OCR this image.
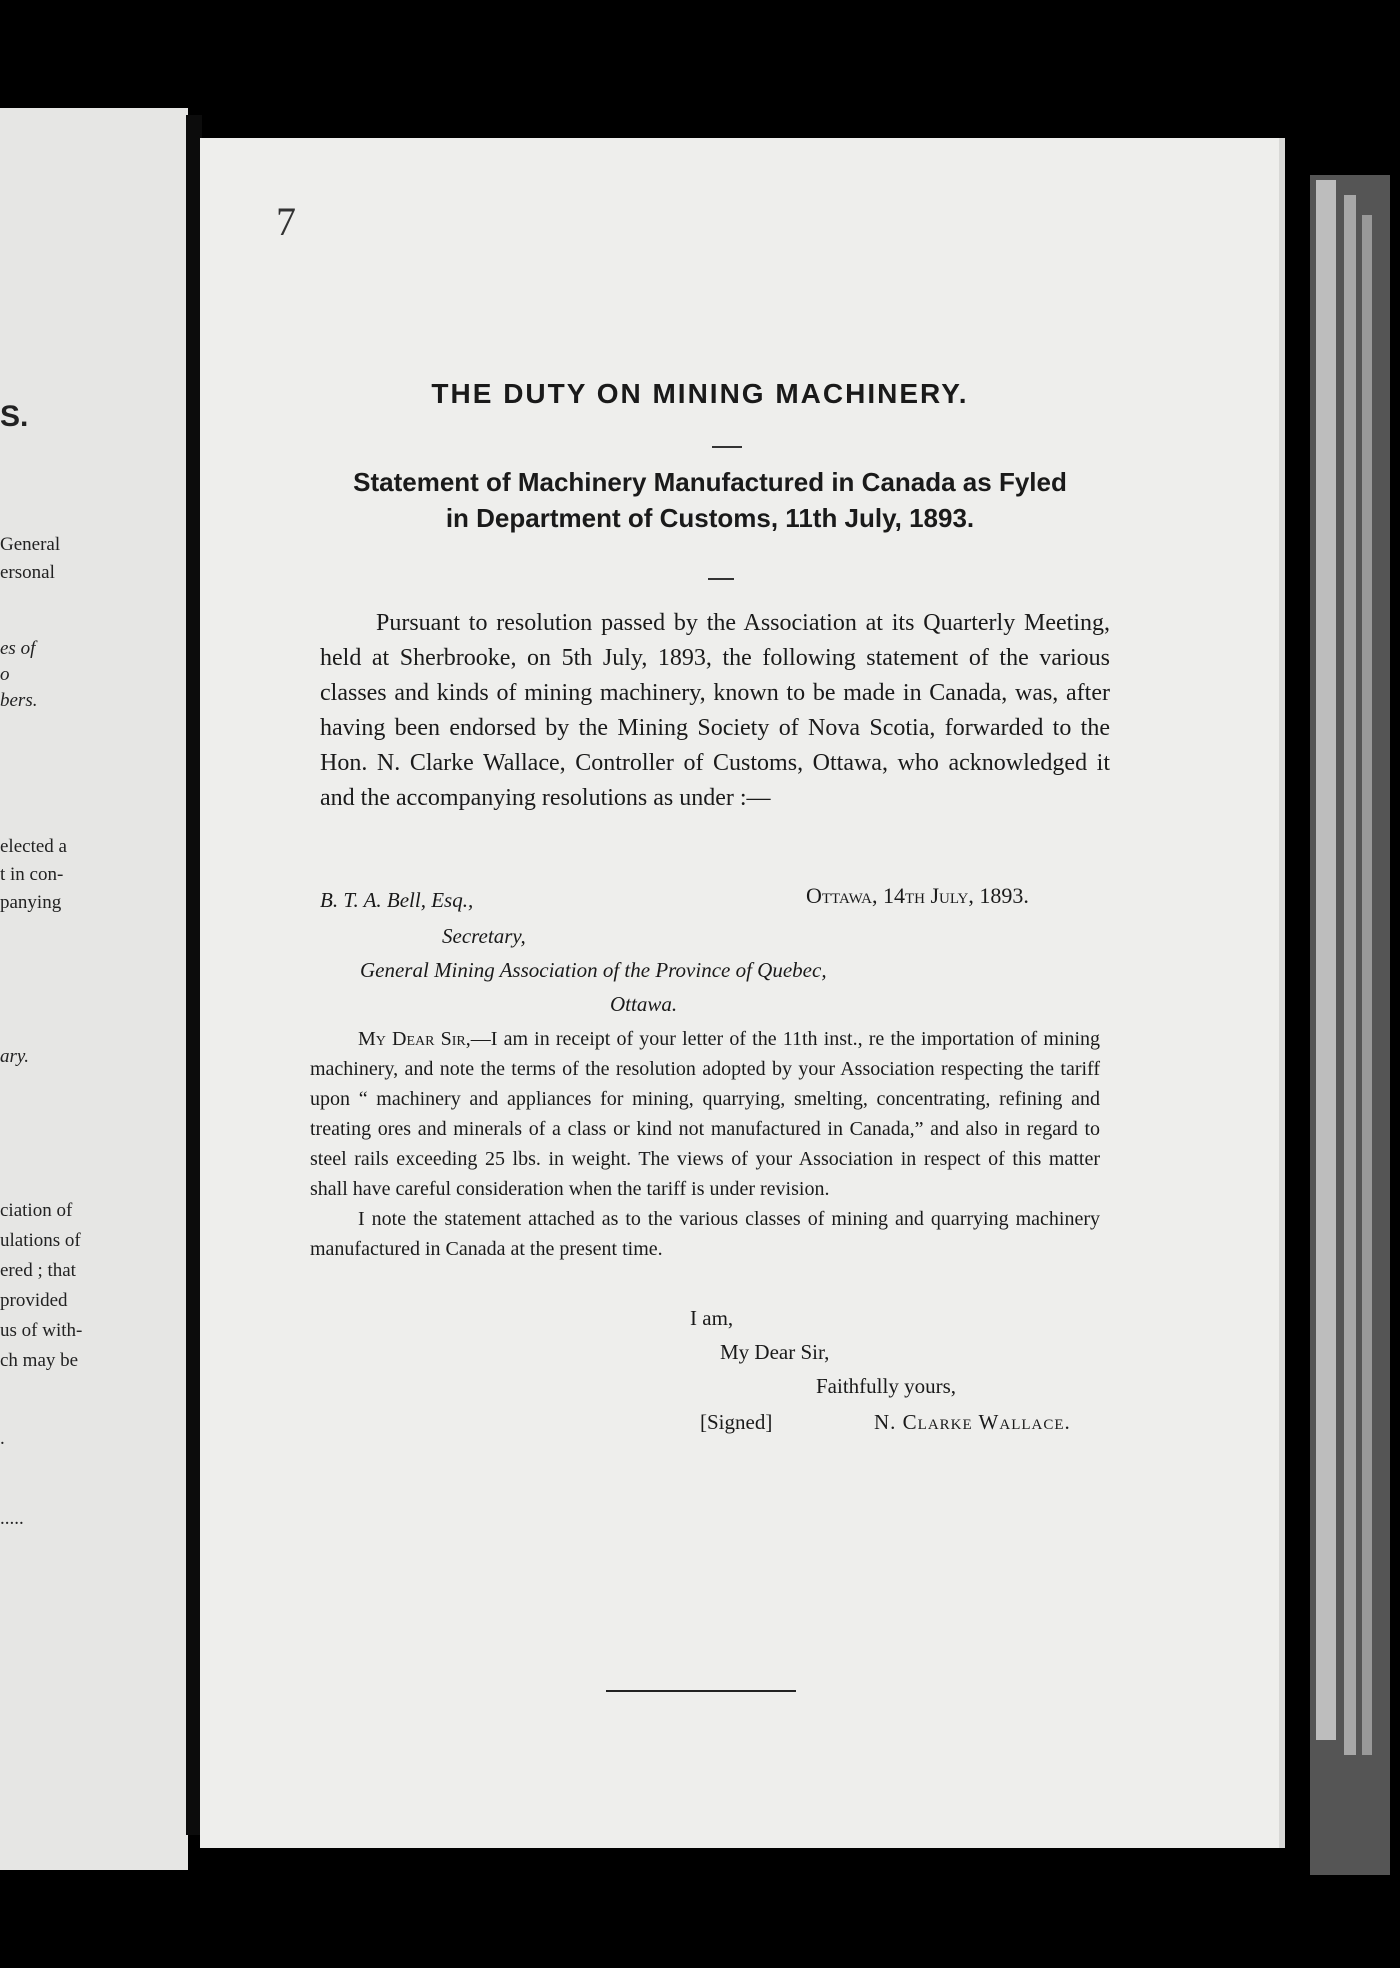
S.
General
ersonal
es of
o
bers.
elected a
t in con-
panying
ary.
ciation of
ulations of
ered ; that
provided
us of with-
ch may be
.
.....
7
THE DUTY ON MINING MACHINERY.
Statement of Machinery Manufactured in Canada as Fyled
in Department of Customs, 11th July, 1893.
Pursuant to resolution passed by the Association at its Quarterly Meeting, held at Sherbrooke, on 5th July, 1893, the following statement of the various classes and kinds of mining machinery, known to be made in Canada, was, after having been endorsed by the Mining Society of Nova Scotia, forwarded to the Hon. N. Clarke Wallace, Controller of Customs, Ottawa, who acknowledged it and the accompanying resolutions as under :—
Ottawa, 14th July, 1893.
B. T. A. Bell, Esq.,
Secretary,
General Mining Association of the Province of Quebec,
Ottawa.

My Dear Sir,—I am in receipt of your letter of the 11th inst., re the importation of mining machinery, and note the terms of the resolution adopted by your Association respecting the tariff upon “ machinery and appliances for mining, quarrying, smelting, concentrating, refining and treating ores and minerals of a class or kind not manufactured in Canada,” and also in regard to steel rails exceeding 25 lbs. in weight. The views of your Association in respect of this matter shall have careful consideration when the tariff is under revision.

I note the statement attached as to the various classes of mining and quarrying machinery manufactured in Canada at the present time.

I am,
My Dear Sir,
Faithfully yours,
[Signed]	N. Clarke Wallace.
